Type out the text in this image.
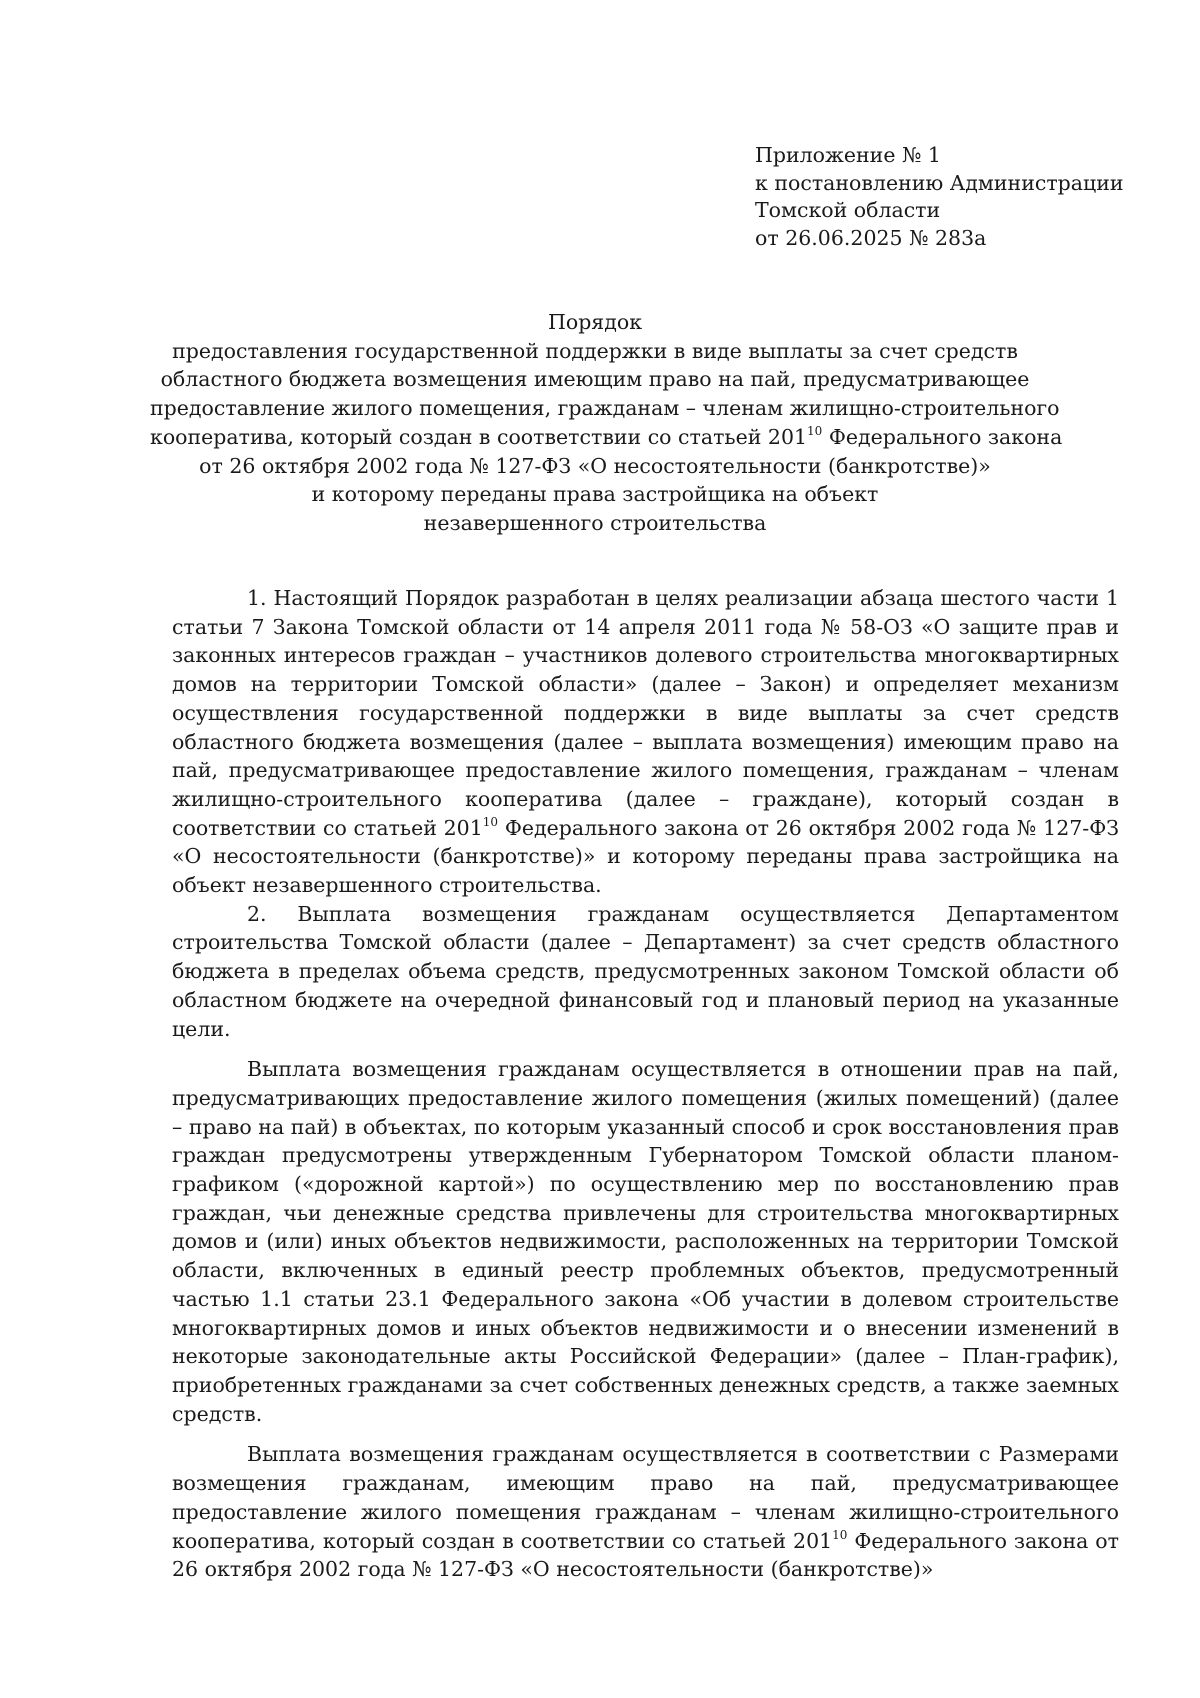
Приложение № 1
к постановлению Администрации
Томской области
от 26.06.2025 № 283а
Порядок
предоставления государственной поддержки в виде выплаты за счет средств
областного бюджета возмещения имеющим право на пай, предусматривающее
предоставление жилого помещения, гражданам – членам жилищно-строительного
кооператива, который создан в соответствии со статьей $201^{10}$ Федерального закона
от 26 октября 2002 года № 127-ФЗ «О несостоятельности (банкротстве)»
и которому переданы права застройщика на объект
незавершенного строительства

1. Настоящий Порядок разработан в целях реализации абзаца шестого части 1 статьи 7 Закона Томской области от 14 апреля 2011 года № 58-ОЗ «О защите прав и законных интересов граждан – участников долевого строительства многоквартирных домов на территории Томской области» (далее – Закон) и определяет механизм осуществления государственной поддержки в виде выплаты за счет средств областного бюджета возмещения (далее – выплата возмещения) имеющим право на пай, предусматривающее предоставление жилого помещения, гражданам – членам жилищно-строительного кооператива (далее – граждане), который создан в соответствии со статьей $201^{10}$ Федерального закона от 26 октября 2002 года № 127-ФЗ «О несостоятельности (банкротстве)» и которому переданы права застройщика на объект незавершенного строительства.

2. Выплата возмещения гражданам осуществляется Департаментом строительства Томской области (далее – Департамент) за счет средств областного бюджета в пределах объема средств, предусмотренных законом Томской области об областном бюджете на очередной финансовый год и плановый период на указанные цели.

Выплата возмещения гражданам осуществляется в отношении прав на пай, предусматривающих предоставление жилого помещения (жилых помещений) (далее – право на пай) в объектах, по которым указанный способ и срок восстановления прав граждан предусмотрены утвержденным Губернатором Томской области планом-графиком («дорожной картой») по осуществлению мер по восстановлению прав граждан, чьи денежные средства привлечены для строительства многоквартирных домов и (или) иных объектов недвижимости, расположенных на территории Томской области, включенных в единый реестр проблемных объектов, предусмотренный частью 1.1 статьи 23.1 Федерального закона «Об участии в долевом строительстве многоквартирных домов и иных объектов недвижимости и о внесении изменений в некоторые законодательные акты Российской Федерации» (далее – План-график), приобретенных гражданами за счет собственных денежных средств, а также заемных средств.

Выплата возмещения гражданам осуществляется в соответствии с Размерами возмещения гражданам, имеющим право на пай, предусматривающее предоставление жилого помещения гражданам – членам жилищно-строительного кооператива, который создан в соответствии со статьей $201^{10}$ Федерального закона от 26 октября 2002 года № 127-ФЗ «О несостоятельности (банкротстве)»
